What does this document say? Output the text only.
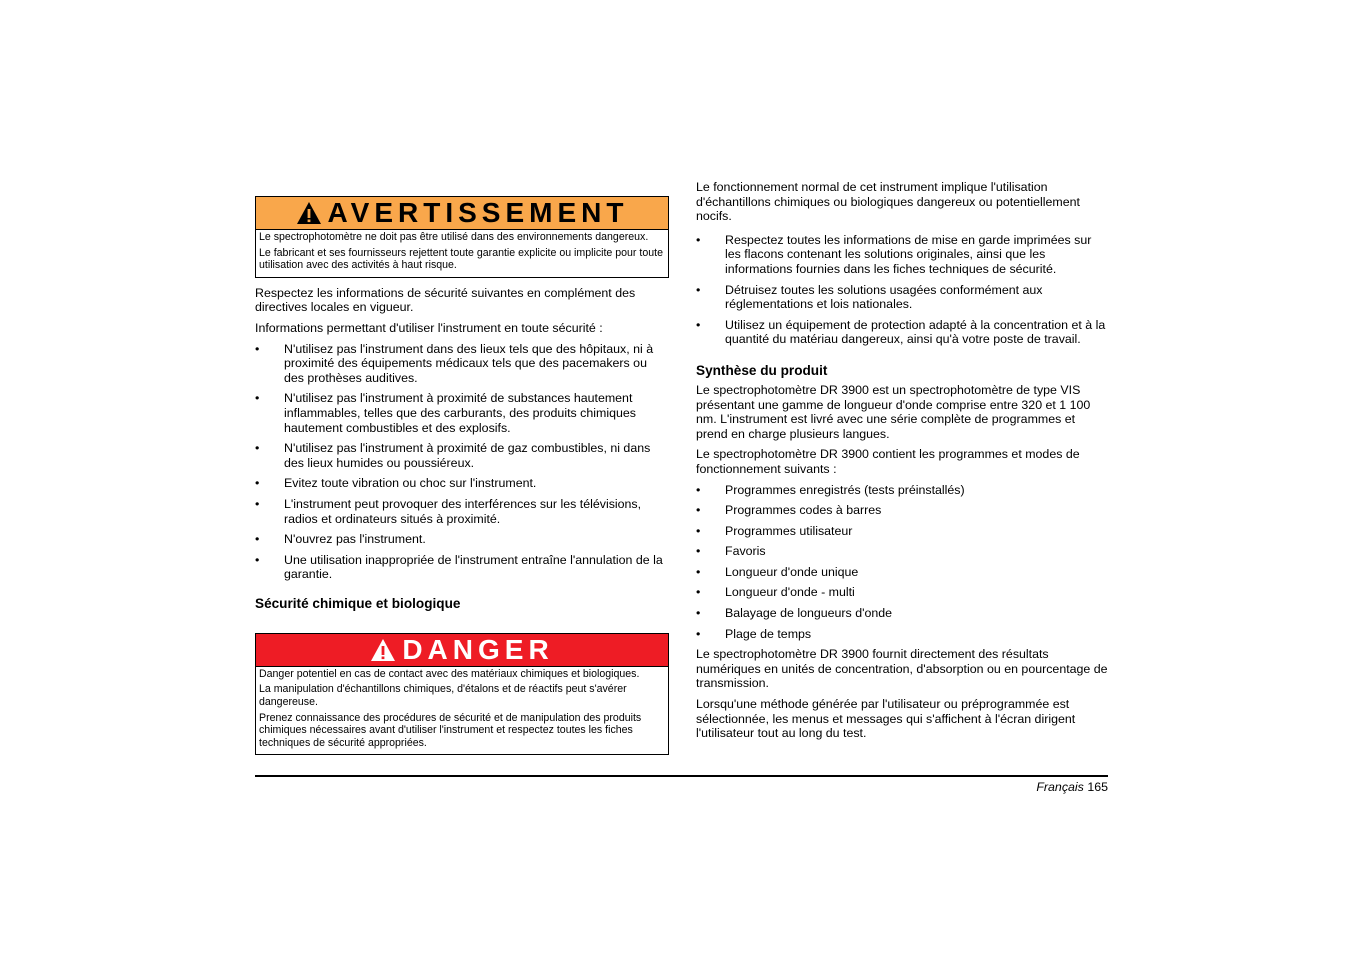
AVERTISSEMENT

Le spectrophotomètre ne doit pas être utilisé dans des environnements dangereux.

Le fabricant et ses fournisseurs rejettent toute garantie explicite ou implicite pour toute utilisation avec des activités à haut risque.

Respectez les informations de sécurité suivantes en complément des directives locales en vigueur.

Informations permettant d'utiliser l'instrument en toute sécurité :

• N'utilisez pas l'instrument dans des lieux tels que des hôpitaux, ni à proximité des équipements médicaux tels que des pacemakers ou des prothèses auditives.
• N'utilisez pas l'instrument à proximité de substances hautement inflammables, telles que des carburants, des produits chimiques hautement combustibles et des explosifs.
• N'utilisez pas l'instrument à proximité de gaz combustibles, ni dans des lieux humides ou poussiéreux.
• Evitez toute vibration ou choc sur l'instrument.
• L'instrument peut provoquer des interférences sur les télévisions, radios et ordinateurs situés à proximité.
• N'ouvrez pas l'instrument.
• Une utilisation inappropriée de l'instrument entraîne l'annulation de la garantie.
Sécurité chimique et biologique
DANGER

Danger potentiel en cas de contact avec des matériaux chimiques et biologiques.

La manipulation d'échantillons chimiques, d'étalons et de réactifs peut s'avérer dangereuse.

Prenez connaissance des procédures de sécurité et de manipulation des produits chimiques nécessaires avant d'utiliser l'instrument et respectez toutes les fiches techniques de sécurité appropriées.

Le fonctionnement normal de cet instrument implique l'utilisation d'échantillons chimiques ou biologiques dangereux ou potentiellement nocifs.

• Respectez toutes les informations de mise en garde imprimées sur les flacons contenant les solutions originales, ainsi que les informations fournies dans les fiches techniques de sécurité.
• Détruisez toutes les solutions usagées conformément aux réglementations et lois nationales.
• Utilisez un équipement de protection adapté à la concentration et à la quantité du matériau dangereux, ainsi qu'à votre poste de travail.
Synthèse du produit

Le spectrophotomètre DR 3900 est un spectrophotomètre de type VIS présentant une gamme de longueur d'onde comprise entre 320 et 1 100 nm. L'instrument est livré avec une série complète de programmes et prend en charge plusieurs langues.

Le spectrophotomètre DR 3900 contient les programmes et modes de fonctionnement suivants :

• Programmes enregistrés (tests préinstallés)
• Programmes codes à barres
• Programmes utilisateur
• Favoris
• Longueur d'onde unique
• Longueur d'onde - multi
• Balayage de longueurs d'onde
• Plage de temps

Le spectrophotomètre DR 3900 fournit directement des résultats numériques en unités de concentration, d'absorption ou en pourcentage de transmission.

Lorsqu'une méthode générée par l'utilisateur ou préprogrammée est sélectionnée, les menus et messages qui s'affichent à l'écran dirigent l'utilisateur tout au long du test.

Français 165
